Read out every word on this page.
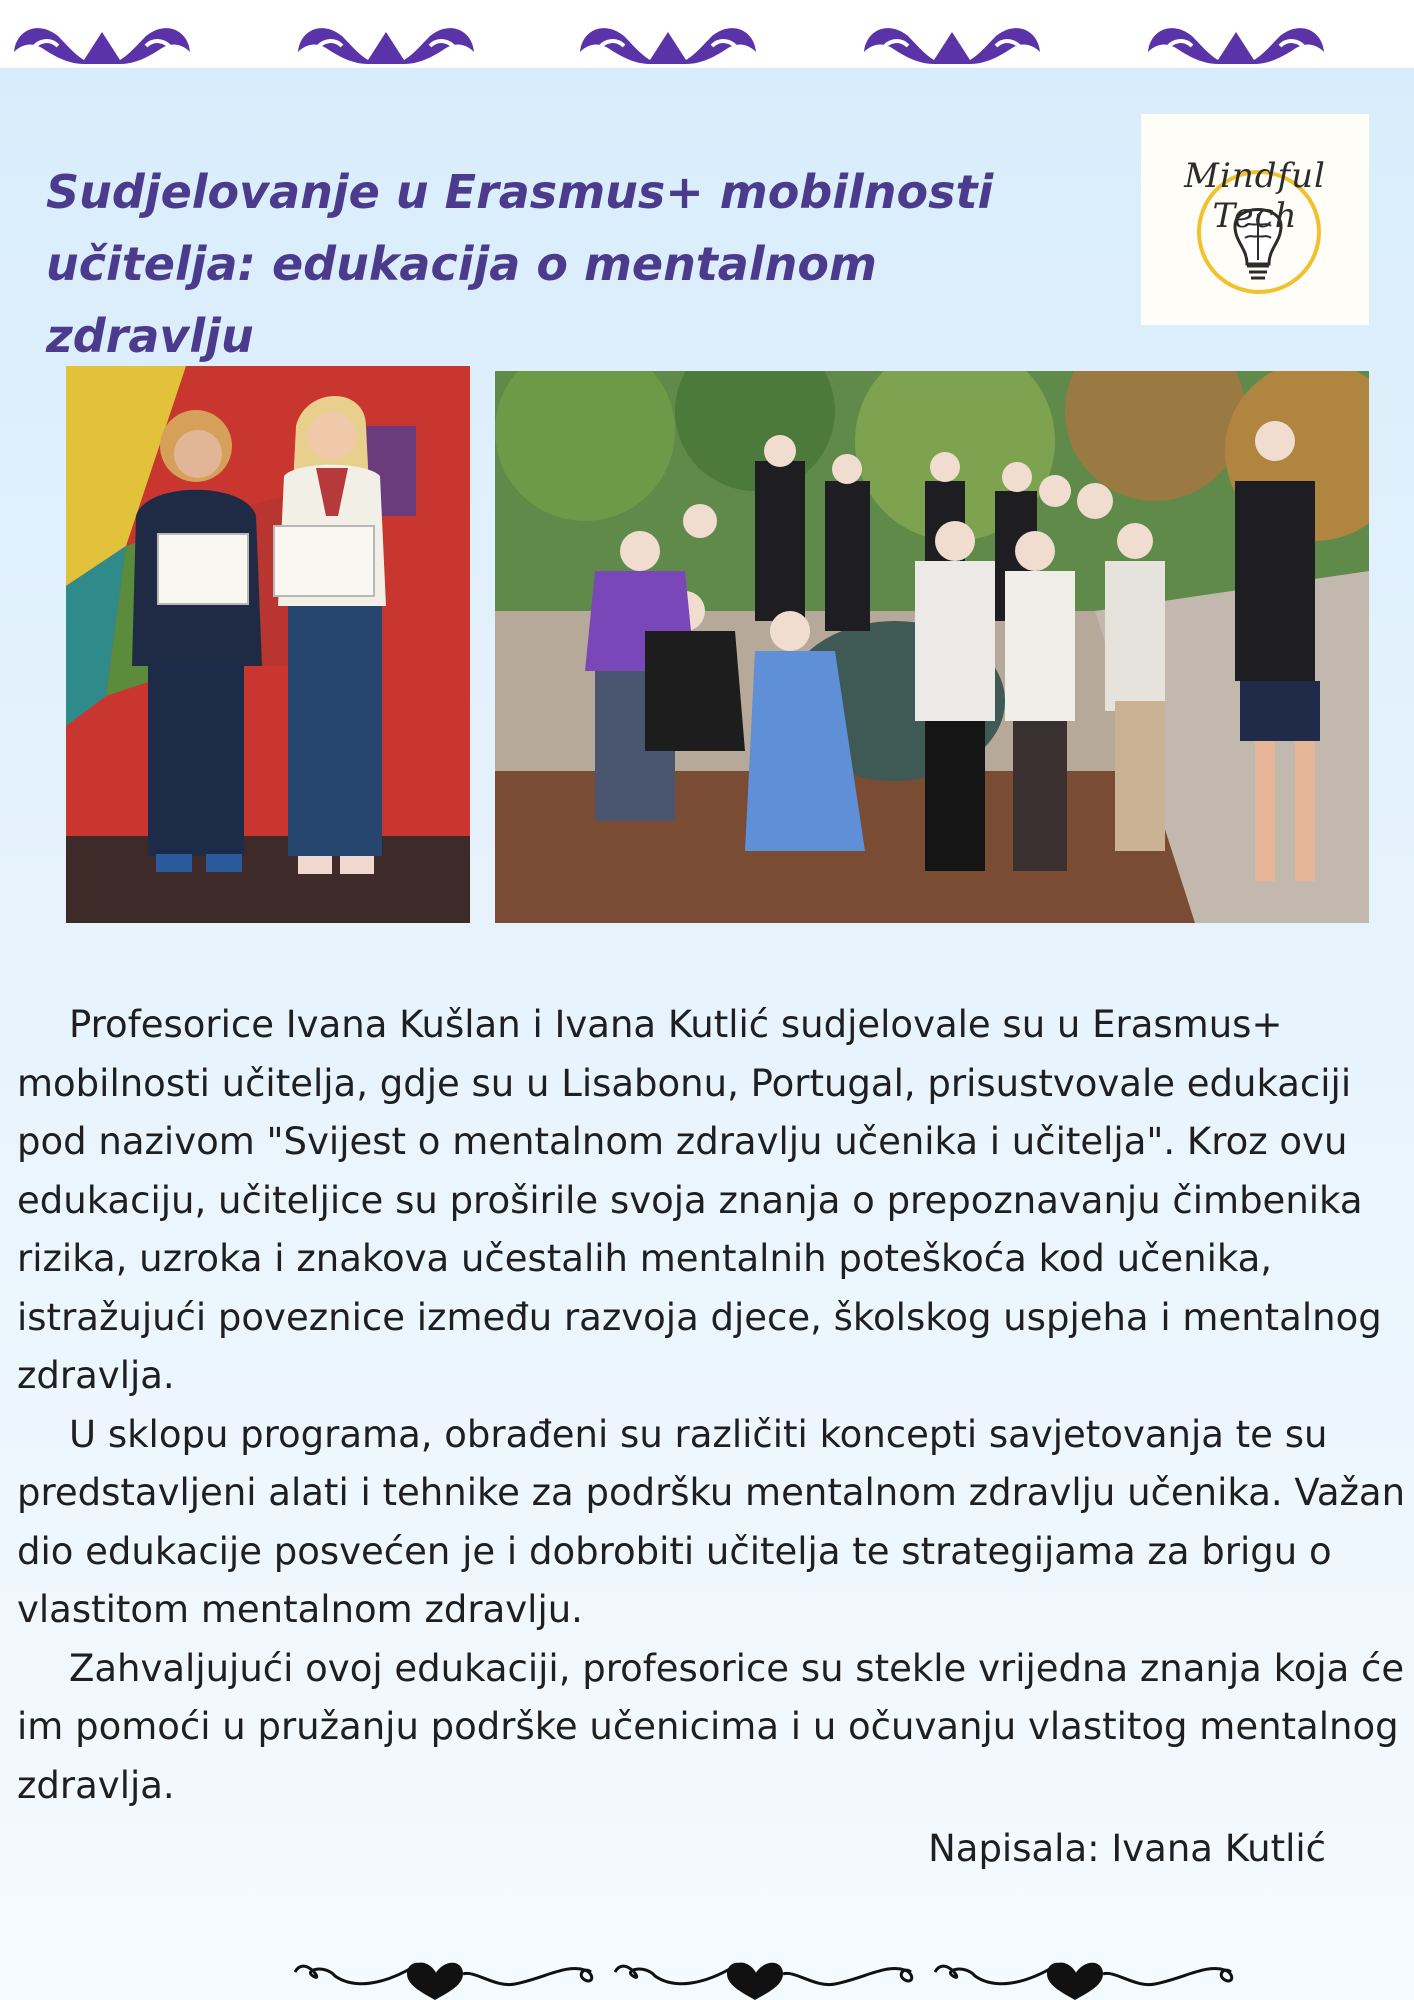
Sudjelovanje u Erasmus+ mobilnosti učitelja: edukacija o mentalnom zdravlju
Mindful Tech

Profesorice Ivana Kušlan i Ivana Kutlić sudjelovale su u Erasmus+ mobilnosti učitelja, gdje su u Lisabonu, Portugal, prisustvovale edukaciji pod nazivom "Svijest o mentalnom zdravlju učenika i učitelja". Kroz ovu edukaciju, učiteljice su proširile svoja znanja o prepoznavanju čimbenika rizika, uzroka i znakova učestalih mentalnih poteškoća kod učenika, istražujući poveznice između razvoja djece, školskog uspjeha i mentalnog zdravlja.

U sklopu programa, obrađeni su različiti koncepti savjetovanja te su predstavljeni alati i tehnike za podršku mentalnom zdravlju učenika. Važan dio edukacije posvećen je i dobrobiti učitelja te strategijama za brigu o vlastitom mentalnom zdravlju.

Zahvaljujući ovoj edukaciji, profesorice su stekle vrijedna znanja koja će im pomoći u pružanju podrške učenicima i u očuvanju vlastitog mentalnog zdravlja.

Napisala: Ivana Kutlić
